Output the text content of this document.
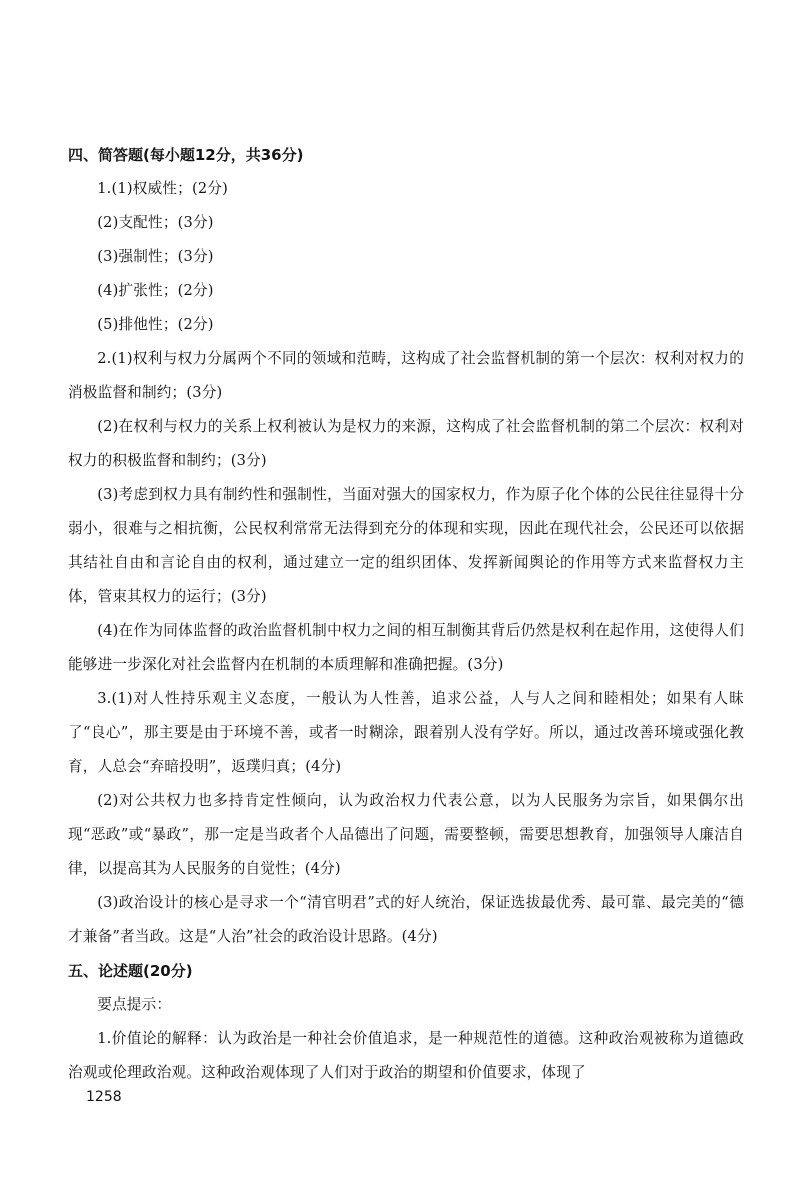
四、简答题(每小题12分，共36分)

1.(1)权威性；(2分)

(2)支配性；(3分)

(3)强制性；(3分)

(4)扩张性；(2分)

(5)排他性；(2分)

2.(1)权利与权力分属两个不同的领域和范畴，这构成了社会监督机制的第一个层次：权利对权力的消极监督和制约；(3分)

(2)在权利与权力的关系上权利被认为是权力的来源，这构成了社会监督机制的第二个层次：权利对权力的积极监督和制约；(3分)

(3)考虑到权力具有制约性和强制性，当面对强大的国家权力，作为原子化个体的公民往往显得十分弱小，很难与之相抗衡，公民权利常常无法得到充分的体现和实现，因此在现代社会，公民还可以依据其结社自由和言论自由的权利，通过建立一定的组织团体、发挥新闻舆论的作用等方式来监督权力主体，管束其权力的运行；(3分)

(4)在作为同体监督的政治监督机制中权力之间的相互制衡其背后仍然是权利在起作用，这使得人们能够进一步深化对社会监督内在机制的本质理解和准确把握。(3分)

3.(1)对人性持乐观主义态度，一般认为人性善，追求公益，人与人之间和睦相处；如果有人昧了“良心”，那主要是由于环境不善，或者一时糊涂，跟着别人没有学好。所以，通过改善环境或强化教育，人总会“弃暗投明”，返璞归真；(4分)

(2)对公共权力也多持肯定性倾向，认为政治权力代表公意，以为人民服务为宗旨，如果偶尔出现“恶政”或“暴政”，那一定是当政者个人品德出了问题，需要整顿，需要思想教育，加强领导人廉洁自律，以提高其为人民服务的自觉性；(4分)

(3)政治设计的核心是寻求一个“清官明君”式的好人统治，保证选拔最优秀、最可靠、最完美的“德才兼备”者当政。这是“人治”社会的政治设计思路。(4分)

五、论述题(20分)

要点提示：

1.价值论的解释：认为政治是一种社会价值追求，是一种规范性的道德。这种政治观被称为道德政治观或伦理政治观。这种政治观体现了人们对于政治的期望和价值要求，体现了

1258
